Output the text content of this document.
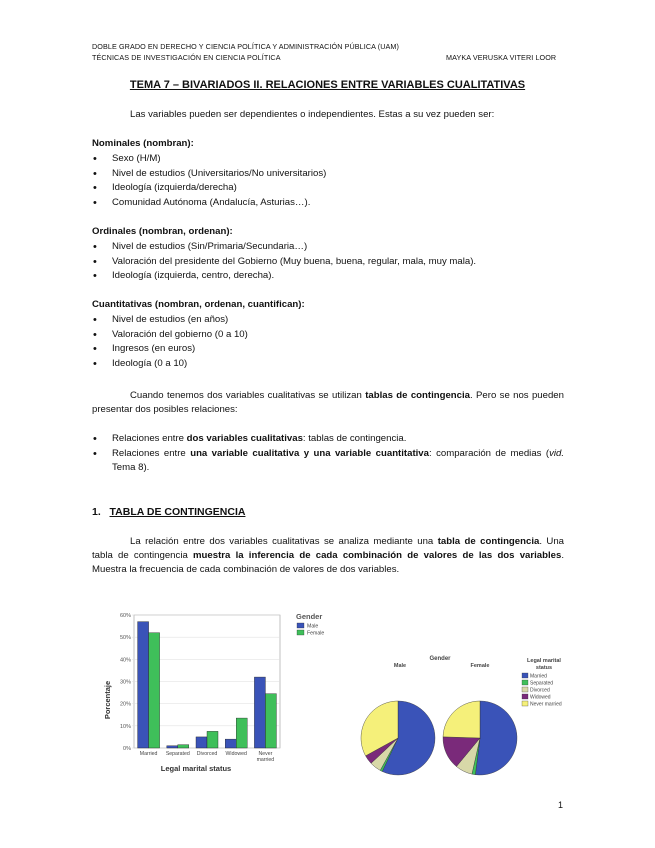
DOBLE GRADO EN DERECHO Y CIENCIA POLÍTICA Y ADMINISTRACIÓN PÚBLICA (UAM)
TÉCNICAS DE INVESTIGACIÓN EN CIENCIA POLÍTICA	MAYKA VERUSKA VITERI LOOR
TEMA 7 – BIVARIADOS II. RELACIONES ENTRE VARIABLES CUALITATIVAS
Las variables pueden ser dependientes o independientes. Estas a su vez pueden ser:
Nominales (nombran):
• Sexo (H/M)
• Nivel de estudios (Universitarios/No universitarios)
• Ideología (izquierda/derecha)
• Comunidad Autónoma (Andalucía, Asturias…).
Ordinales (nombran, ordenan):
• Nivel de estudios (Sin/Primaria/Secundaria…)
• Valoración del presidente del Gobierno (Muy buena, buena, regular, mala, muy mala).
• Ideología (izquierda, centro, derecha).
Cuantitativas (nombran, ordenan, cuantifican):
• Nivel de estudios (en años)
• Valoración del gobierno (0 a 10)
• Ingresos (en euros)
• Ideología (0 a 10)
Cuando tenemos dos variables cualitativas se utilizan tablas de contingencia. Pero se nos pueden presentar dos posibles relaciones:
• Relaciones entre dos variables cualitativas: tablas de contingencia.
• Relaciones entre una variable cualitativa y una variable cuantitativa: comparación de medias (vid. Tema 8).
1. TABLA DE CONTINGENCIA
La relación entre dos variables cualitativas se analiza mediante una tabla de contingencia. Una tabla de contingencia muestra la inferencia de cada combinación de valores de las dos variables. Muestra la frecuencia de cada combinación de valores de dos variables.
0%
10%
20%
30%
40%
50%
60%
Married Separated Divorced Widowed Never
married
Legal marital status
Porcentaje
Gender
Male
Female
Gender
Male	Female
Legal marital
status
Married
Separated
Divorced
Widowed
Never married
1
